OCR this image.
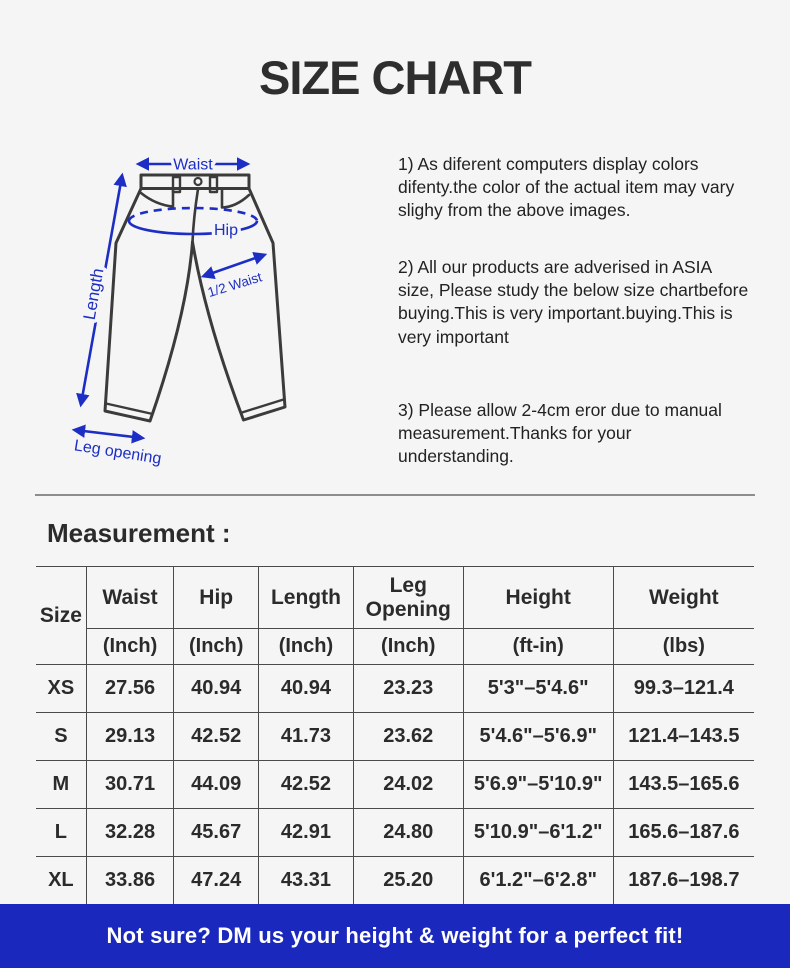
SIZE CHART
Waist
Hip
1/2 Waist
Length
Leg opening

1) As diferent computers display colors difenty.the color of the actual item may vary slighy from the above images.

2) All our products are adverised in ASIA size, Please study the below size chartbefore buying.This is very important.buying.This is very important

3) Please allow 2-4cm eror due to manual measurement.Thanks for your understanding.

Measurement :
Size	Waist	Hip	Length	Leg Opening	Height	Weight
	(Inch)	(Inch)	(Inch)	(Inch)	(ft-in)	(lbs)
XS	27.56	40.94	40.94	23.23	5'3"–5'4.6"	99.3–121.4
S	29.13	42.52	41.73	23.62	5'4.6"–5'6.9"	121.4–143.5
M	30.71	44.09	42.52	24.02	5'6.9"–5'10.9"	143.5–165.6
L	32.28	45.67	42.91	24.80	5'10.9"–6'1.2"	165.6–187.6
XL	33.86	47.24	43.31	25.20	6'1.2"–6'2.8"	187.6–198.7
Not sure? DM us your height & weight for a perfect fit!
